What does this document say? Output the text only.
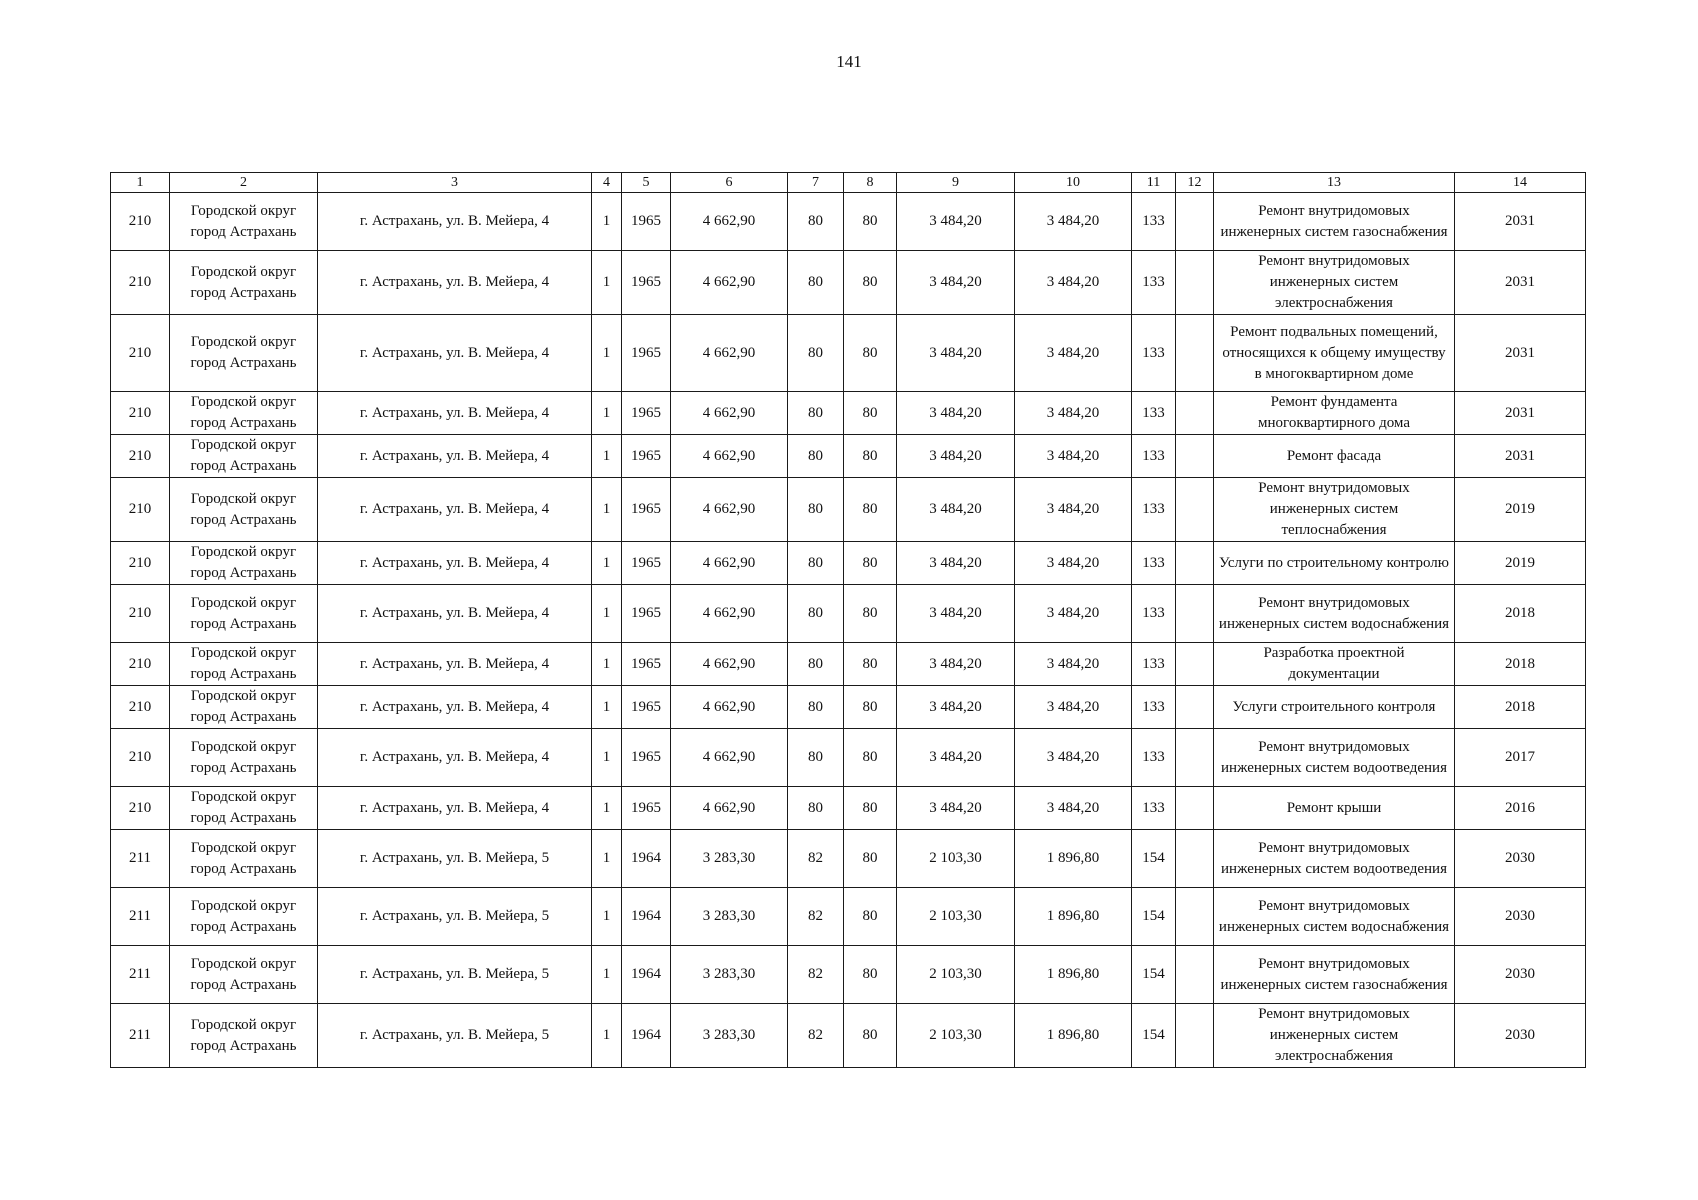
141
1	2	3	4	5	6	7	8	9	10	11	12	13	14
210	Городской округ город Астрахань	г. Астрахань, ул. В. Мейера, 4	1	1965	4 662,90	80	80	3 484,20	3 484,20	133		Ремонт внутридомовых инженерных систем газоснабжения	2031
210	Городской округ город Астрахань	г. Астрахань, ул. В. Мейера, 4	1	1965	4 662,90	80	80	3 484,20	3 484,20	133		Ремонт внутридомовых инженерных систем электроснабжения	2031
210	Городской округ город Астрахань	г. Астрахань, ул. В. Мейера, 4	1	1965	4 662,90	80	80	3 484,20	3 484,20	133		Ремонт подвальных помещений, относящихся к общему имуществу в многоквартирном доме	2031
210	Городской округ город Астрахань	г. Астрахань, ул. В. Мейера, 4	1	1965	4 662,90	80	80	3 484,20	3 484,20	133		Ремонт фундамента многоквартирного дома	2031
210	Городской округ город Астрахань	г. Астрахань, ул. В. Мейера, 4	1	1965	4 662,90	80	80	3 484,20	3 484,20	133		Ремонт фасада	2031
210	Городской округ город Астрахань	г. Астрахань, ул. В. Мейера, 4	1	1965	4 662,90	80	80	3 484,20	3 484,20	133		Ремонт внутридомовых инженерных систем теплоснабжения	2019
210	Городской округ город Астрахань	г. Астрахань, ул. В. Мейера, 4	1	1965	4 662,90	80	80	3 484,20	3 484,20	133		Услуги по строительному контролю	2019
210	Городской округ город Астрахань	г. Астрахань, ул. В. Мейера, 4	1	1965	4 662,90	80	80	3 484,20	3 484,20	133		Ремонт внутридомовых инженерных систем водоснабжения	2018
210	Городской округ город Астрахань	г. Астрахань, ул. В. Мейера, 4	1	1965	4 662,90	80	80	3 484,20	3 484,20	133		Разработка проектной документации	2018
210	Городской округ город Астрахань	г. Астрахань, ул. В. Мейера, 4	1	1965	4 662,90	80	80	3 484,20	3 484,20	133		Услуги строительного контроля	2018
210	Городской округ город Астрахань	г. Астрахань, ул. В. Мейера, 4	1	1965	4 662,90	80	80	3 484,20	3 484,20	133		Ремонт внутридомовых инженерных систем водоотведения	2017
210	Городской округ город Астрахань	г. Астрахань, ул. В. Мейера, 4	1	1965	4 662,90	80	80	3 484,20	3 484,20	133		Ремонт крыши	2016
211	Городской округ город Астрахань	г. Астрахань, ул. В. Мейера, 5	1	1964	3 283,30	82	80	2 103,30	1 896,80	154		Ремонт внутридомовых инженерных систем водоотведения	2030
211	Городской округ город Астрахань	г. Астрахань, ул. В. Мейера, 5	1	1964	3 283,30	82	80	2 103,30	1 896,80	154		Ремонт внутридомовых инженерных систем водоснабжения	2030
211	Городской округ город Астрахань	г. Астрахань, ул. В. Мейера, 5	1	1964	3 283,30	82	80	2 103,30	1 896,80	154		Ремонт внутридомовых инженерных систем газоснабжения	2030
211	Городской округ город Астрахань	г. Астрахань, ул. В. Мейера, 5	1	1964	3 283,30	82	80	2 103,30	1 896,80	154		Ремонт внутридомовых инженерных систем электроснабжения	2030
